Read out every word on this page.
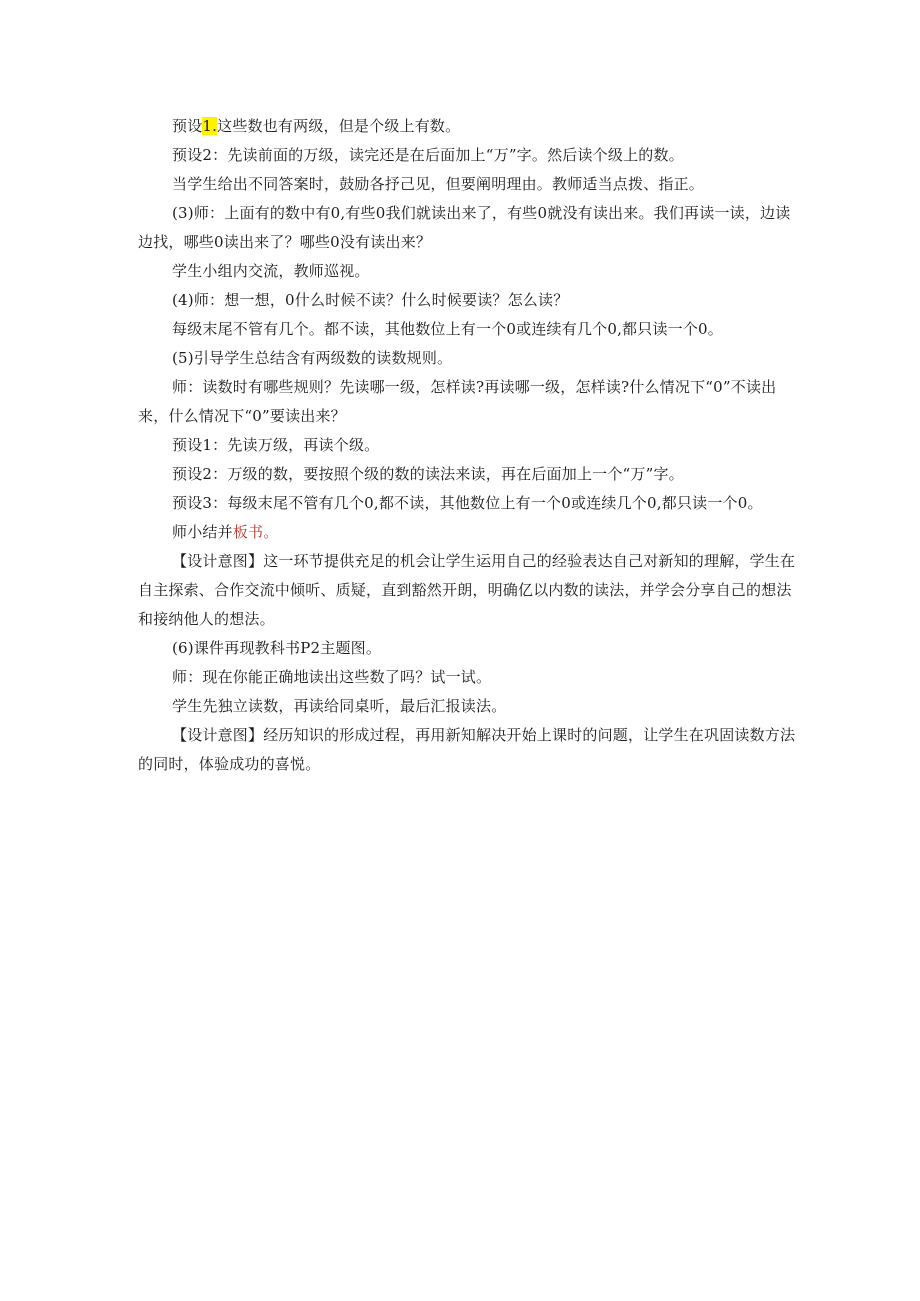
预设1.这些数也有两级，但是个级上有数。

预设2：先读前面的万级，读完还是在后面加上“万”字。然后读个级上的数。

当学生给出不同答案时，鼓励各抒己见，但要阐明理由。教师适当点拨、指正。

(3)师：上面有的数中有0,有些0我们就读出来了，有些0就没有读出来。我们再读一读，边读边找，哪些0读出来了？哪些0没有读出来？

学生小组内交流，教师巡视。

(4)师：想一想，0什么时候不读？什么时候要读？怎么读？

每级末尾不管有几个。都不读，其他数位上有一个0或连续有几个0,都只读一个0。

(5)引导学生总结含有两级数的读数规则。

师：读数时有哪些规则？先读哪一级，怎样读?再读哪一级，怎样读?什么情况下“0”不读出来，什么情况下“0”要读出来？

预设1：先读万级，再读个级。

预设2：万级的数，要按照个级的数的读法来读，再在后面加上一个“万”字。

预设3：每级末尾不管有几个0,都不读，其他数位上有一个0或连续几个0,都只读一个0。

师小结并板书。

【设计意图】这一环节提供充足的机会让学生运用自己的经验表达自己对新知的理解，学生在自主探索、合作交流中倾听、质疑，直到豁然开朗，明确亿以内数的读法，并学会分享自己的想法和接纳他人的想法。

(6)课件再现教科书P2主题图。

师：现在你能正确地读出这些数了吗？试一试。

学生先独立读数，再读给同桌听，最后汇报读法。

【设计意图】经历知识的形成过程，再用新知解决开始上课时的问题，让学生在巩固读数方法的同时，体验成功的喜悦。
